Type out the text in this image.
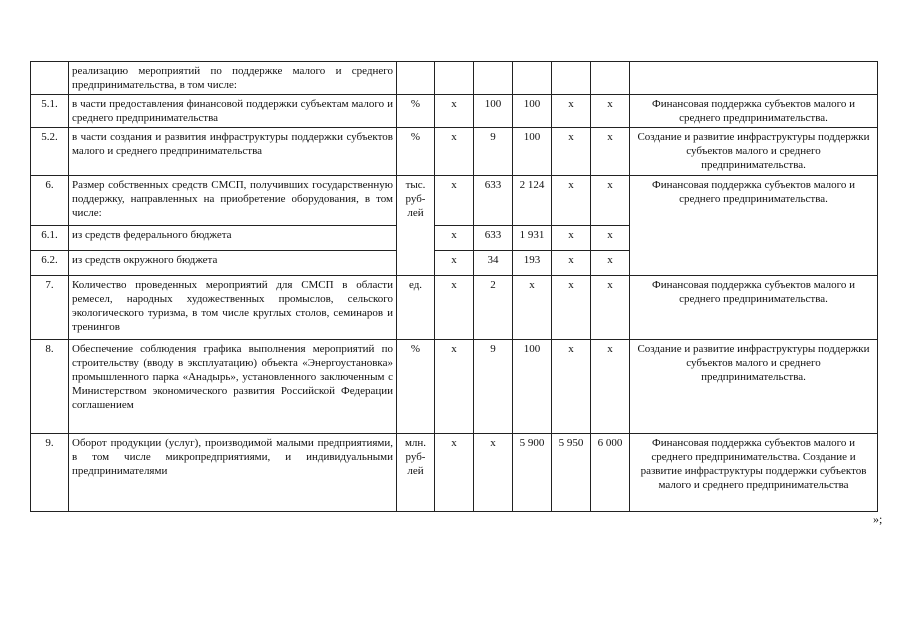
	реализацию мероприятий по поддержке малого и среднего предпринимательства, в том числе:							
5.1.	в части предоставления финансовой поддержки субъектам малого и среднего предпринимательства	%	х	100	100	х	х	Финансовая поддержка субъектов малого и среднего предпринимательства.
5.2.	в части создания и развития инфраструктуры поддержки субъектов малого и среднего предпринимательства	%	х	9	100	х	х	Создание и развитие инфраструктуры поддержки субъектов малого и среднего предпринимательства.
6.	Размер собственных средств СМСП, получивших государственную поддержку, направленных на приобретение оборудования, в том числе:	тыс. руб-лей	х	633	2 124	х	х	Финансовая поддержка субъектов малого и среднего предпринимательства.
6.1.	из средств федерального бюджета		х	633	1 931	х	х	
6.2.	из средств окружного бюджета		х	34	193	х	х	
7.	Количество проведенных мероприятий для СМСП в области ремесел, народных художественных промыслов, сельского экологического туризма, в том числе круглых столов, семинаров и тренингов	ед.	х	2	х	х	х	Финансовая поддержка субъектов малого и среднего предпринимательства.
8.	Обеспечение соблюдения графика выполнения мероприятий по строительству (вводу в эксплуатацию) объекта «Энергоустановка» промышленного парка «Анадырь», установленного заключенным с Министерством экономического развития Российской Федерации соглашением	%	х	9	100	х	х	Создание и развитие инфраструктуры поддержки субъектов малого и среднего предпринимательства.
9.	Оборот продукции (услуг), производимой малыми предприятиями, в том числе микропредприятиями, и индивидуальными предпринимателями	млн. руб-лей	х	х	5 900	5 950	6 000	Финансовая поддержка субъектов малого и среднего предпринимательства. Создание и развитие инфраструктуры поддержки субъектов малого и среднего предпринимательства
»;
